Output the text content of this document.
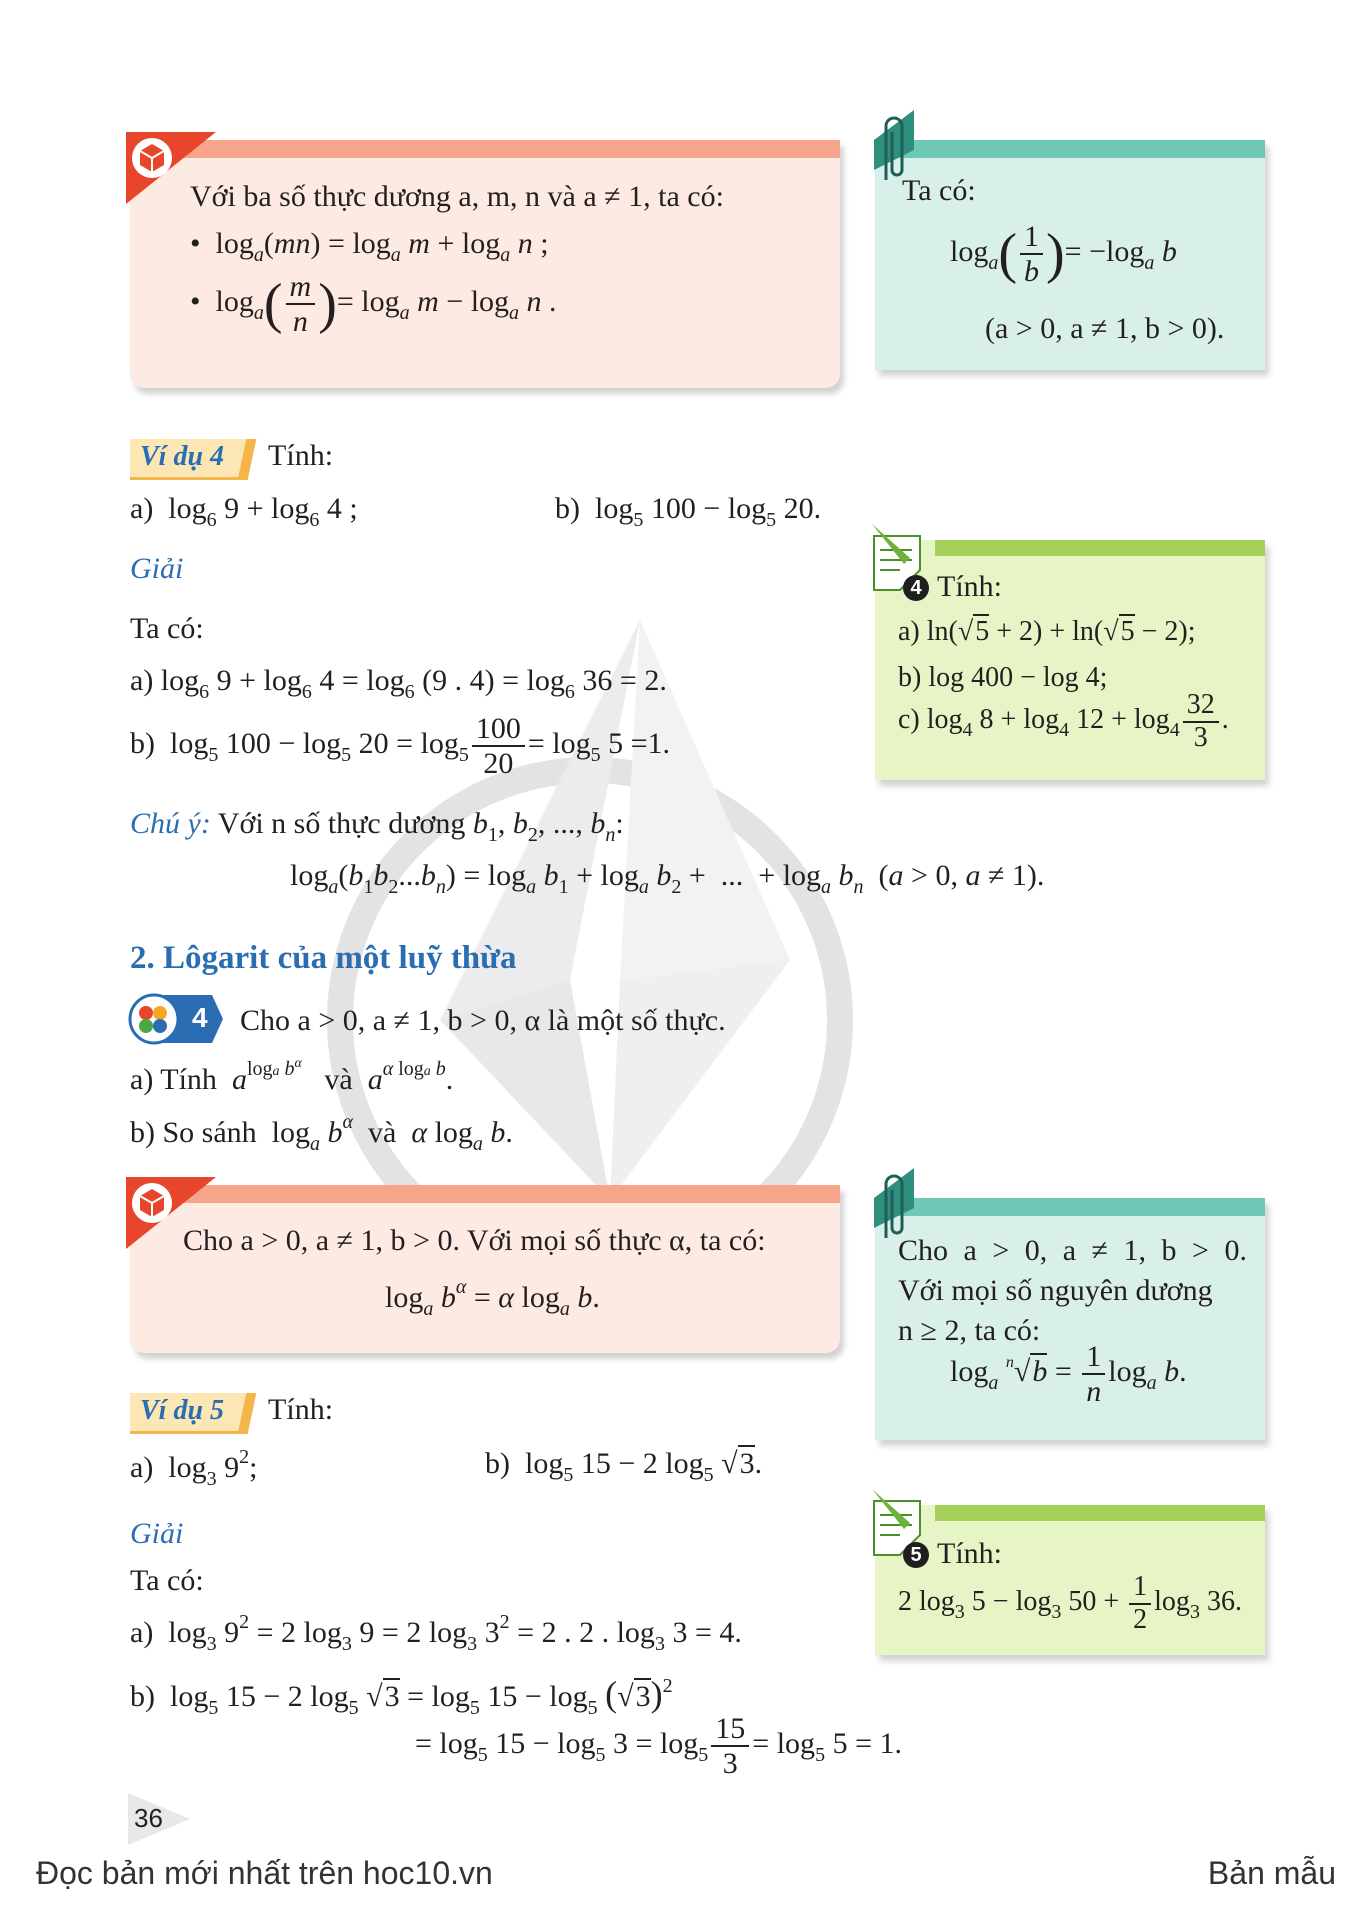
Với ba số thực dương a, m, n và a ≠ 1, ta có:
•  $\log_a(mn) = \log_a m + \log_a n$ ;
•  $\log_a( \frac{m}{n}$ )= $\log_a m - \log_a n$ .
Ta có:
$\log_a( \frac{1}{b}$ )= $-\log_a$ b
(a > 0, a ≠ 1, b > 0).
Ví dụ 4 Tính:
a)  $\log_6 9 + \log_6 4$ ;	b)  $\log_5 100 - \log_5 20$.
Giải
Ta có:
a) $\log_6 9 + \log_6 4 = \log_6 (9$ . $4) = \log_6 36 = 2$.
b)  $\log_5 100 - \log_5 20 = \log_5 \frac{100}{20} = \log_5 5 =1$.
4 Tính:
a) ln(√5 + 2) + ln(√5 − 2);
b) log 400 − log 4;
c) $\log_4 8 + \log_4 12 + \log_4 \frac{32}{3}$ .
Chú ý: Với n số thực dương $b_1$, $b_2$, ..., $b_n$:
$\log_a(b_1b_2...b_n) = \log_a b_1 + \log_a b_2$ +  ...  + $\log_a b_n$  (a > 0, a ≠ 1).
2. Lôgarit của một luỹ thừa
4 Cho a > 0, a ≠ 1, b > 0, α là một số thực.
a) Tính  $a^{loga b^\alpha}$   và  $a^{\alpha loga b}$.
b) So sánh  $\log_a b^\alpha$  và  α $\log_a b$.
Cho a > 0, a ≠ 1, b > 0. Với mọi số thực α, ta có:
$\log_a b^\alpha = \alpha$ $\log_a b$.
Cho a > 0, a ≠ 1, b > 0.
Với mọi số nguyên dương
n ≥ 2, ta có:
$\log_a ^n√b = \frac{1}{n} \log_a b$.
Ví dụ 5 Tính:
a)  $\log_3 9^2$;	b)  $\log_5 15 - 2$ $\log_5 √3$.
Giải
Ta có:
a)  $\log_3 9^2 = 2$ $\log_3 9 = 2$ $\log_3 3^2 = 2$ . 2 . $\log_3 3 = 4$.
b)  $\log_5 15 - 2$ $\log_5 √3 = \log_5 15 - \log_5 (√3)^2$
= $\log_5 15 - \log_5 3 = \log_5 \frac{15}{3} = \log_5 5 = 1$.
5 Tính:
2 $\log_3 5 - \log_3 50 + \frac{1}{2} \log_3 36$.
36
Đọc bản mới nhất trên hoc10.vn	Bản mẫu
